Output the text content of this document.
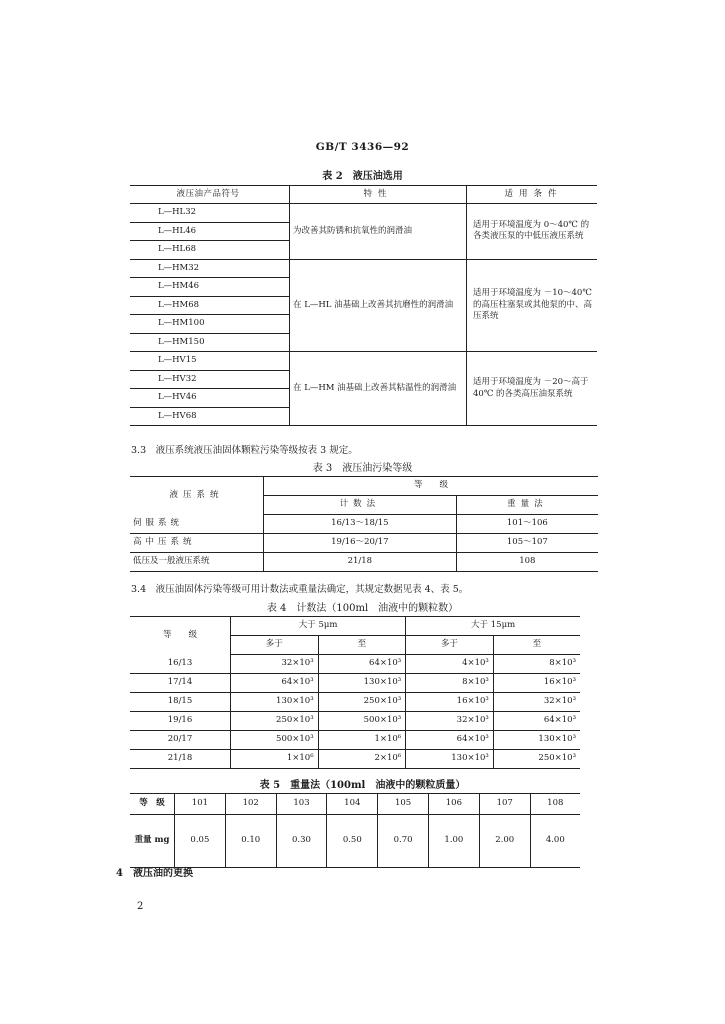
GB/T 3436—92
表 2　液压油选用
液压油产品符号	特性	适用条件
L—HL32	为改善其防锈和抗氧性的润滑油	适用于环境温度为 0～40℃ 的各类液压泵的中低压液压系统
L—HL46		
L—HL68		
L—HM32	在 L—HL 油基础上改善其抗磨性的润滑油	适用于环境温度为 －10～40℃ 的高压柱塞泵或其他泵的中、高压系统
L—HM46		
L—HM68		
L—HM100		
L—HM150		
L—HV15	在 L—HM 油基础上改善其粘温性的润滑油	适用于环境温度为 －20～高于 40℃ 的各类高压油泵系统
L—HV32		
L—HV46		
L—HV68		
3.3　液压系统液压油固体颗粒污染等级按表 3 规定。
表 3　液压油污染等级
液压系统	等　　级	
	计数法	重量法
伺服系统	16/13～18/15	101～106
高中压系统	19/16～20/17	105～107
低压及一般液压系统	21/18	108
3.4　液压油固体污染等级可用计数法或重量法确定，其规定数据见表 4、表 5。
表 4　计数法（100ml　油液中的颗粒数）
等　　级	大于 5μm		大于 15μm	
	多于	至	多于	至
16/13	32×10³	64×10³	4×10³	8×10³
17/14	64×10³	130×10³	8×10³	16×10³
18/15	130×10³	250×10³	16×10³	32×10³
19/16	250×10³	500×10³	32×10³	64×10³
20/17	500×10³	1×10⁶	64×10³	130×10³
21/18	1×10⁶	2×10⁶	130×10³	250×10³
表 5　重量法（100ml　油液中的颗粒质量）
等　级	101	102	103	104	105	106	107	108
重量 mg	0.05	0.10	0.30	0.50	0.70	1.00	2.00	4.00
4　液压油的更换
2
